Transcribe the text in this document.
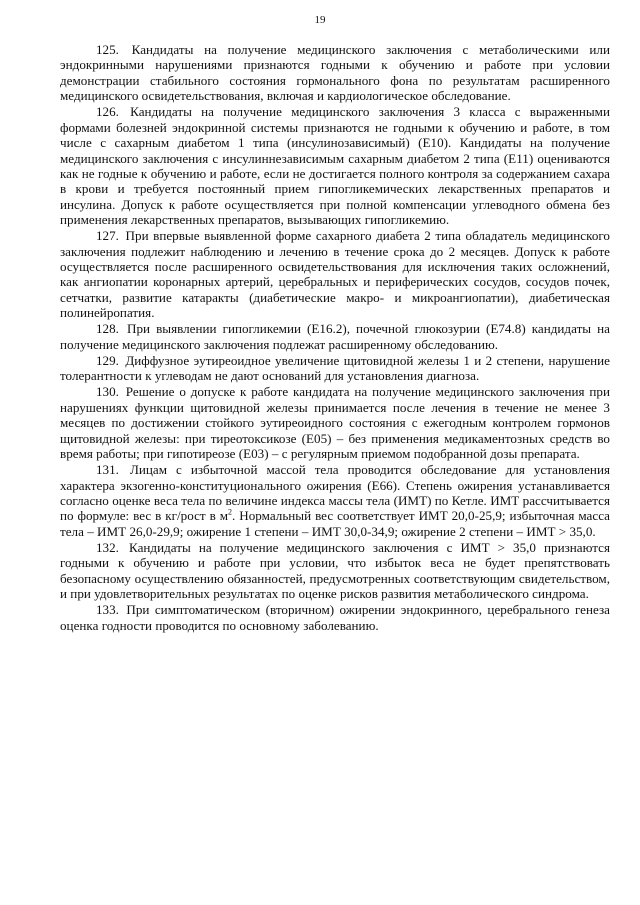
19

125. Кандидаты на получение медицинского заключения с метаболическими или эндокринными нарушениями признаются годными к обучению и работе при условии демонстрации стабильного состояния гормонального фона по результатам расширенного медицинского освидетельствования, включая и кардиологическое обследование.

126. Кандидаты на получение медицинского заключения 3 класса с выраженными формами болезней эндокринной системы признаются не годными к обучению и работе, в том числе с сахарным диабетом 1 типа (инсулинозависимый) (E10). Кандидаты на получение медицинского заключения с инсулиннезависимым сахарным диабетом 2 типа (E11) оцениваются как не годные к обучению и работе, если не достигается полного контроля за содержанием сахара в крови и требуется постоянный прием гипогликемических лекарственных препаратов и инсулина. Допуск к работе осуществляется при полной компенсации углеводного обмена без применения лекарственных препаратов, вызывающих гипогликемию.

127. При впервые выявленной форме сахарного диабета 2 типа обладатель медицинского заключения подлежит наблюдению и лечению в течение срока до 2 месяцев. Допуск к работе осуществляется после расширенного освидетельствования для исключения таких осложнений, как ангиопатии коронарных артерий, церебральных и периферических сосудов, сосудов почек, сетчатки, развитие катаракты (диабетические макро- и микроангиопатии), диабетическая полинейропатия.

128. При выявлении гипогликемии (E16.2), почечной глюкозурии (E74.8) кандидаты на получение медицинского заключения подлежат расширенному обследованию.

129. Диффузное эутиреоидное увеличение щитовидной железы 1 и 2 степени, нарушение толерантности к углеводам не дают оснований для установления диагноза.

130. Решение о допуске к работе кандидата на получение медицинского заключения при нарушениях функции щитовидной железы принимается после лечения в течение не менее 3 месяцев по достижении стойкого эутиреоидного состояния с ежегодным контролем гормонов щитовидной железы: при тиреотоксикозе (E05) – без применения медикаментозных средств во время работы; при гипотиреозе (E03) – с регулярным приемом подобранной дозы препарата.

131. Лицам с избыточной массой тела проводится обследование для установления характера экзогенно-конституционального ожирения (E66). Степень ожирения устанавливается согласно оценке веса тела по величине индекса массы тела (ИМТ) по Кетле. ИМТ рассчитывается по формуле: вес в кг/рост в $м^2$. Нормальный вес соответствует ИМТ 20,0-25,9; избыточная масса тела – ИМТ 26,0-29,9; ожирение 1 степени – ИМТ 30,0-34,9; ожирение 2 степени – ИМТ > 35,0.

132. Кандидаты на получение медицинского заключения с ИМТ > 35,0 признаются годными к обучению и работе при условии, что избыток веса не будет препятствовать безопасному осуществлению обязанностей, предусмотренных соответствующим свидетельством, и при удовлетворительных результатах по оценке рисков развития метаболического синдрома.

133. При симптоматическом (вторичном) ожирении эндокринного, церебрального генеза оценка годности проводится по основному заболеванию.
